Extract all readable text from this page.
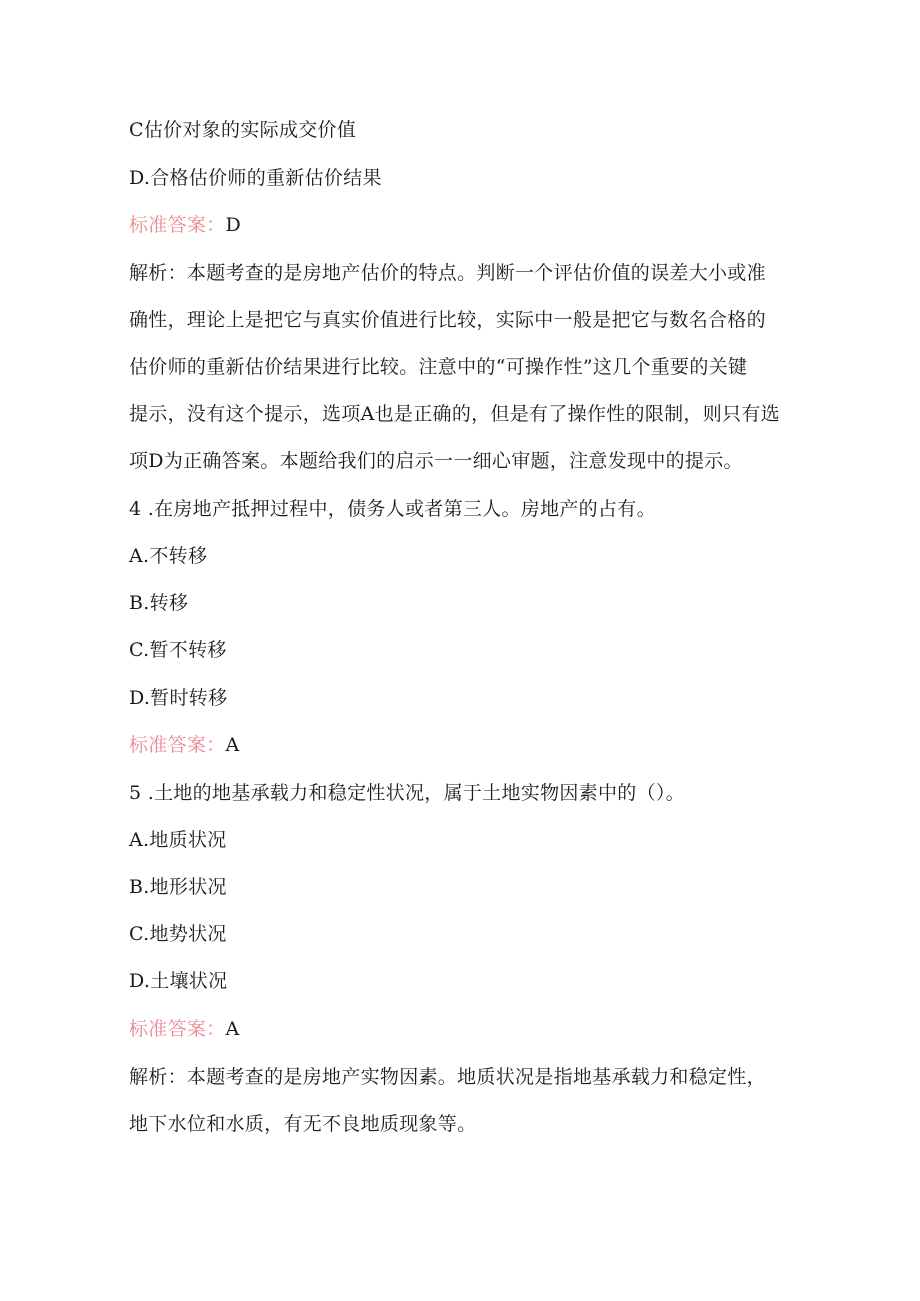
C估价对象的实际成交价值
D.合格估价师的重新估价结果
标准答案：D
解析：本题考查的是房地产估价的特点。判断一个评估价值的误差大小或准
确性，理论上是把它与真实价值进行比较，实际中一般是把它与数名合格的
估价师的重新估价结果进行比较。注意中的“可操作性”这几个重要的关键
提示，没有这个提示，选项A也是正确的，但是有了操作性的限制，则只有选
项D为正确答案。本题给我们的启示一一细心审题，注意发现中的提示。
4 .在房地产抵押过程中，债务人或者第三人。房地产的占有。
A.不转移
B.转移
C.暂不转移
D.暂时转移
标准答案：A
5 .土地的地基承载力和稳定性状况，属于土地实物因素中的（）。
A.地质状况
B.地形状况
C.地势状况
D.土壤状况
标准答案：A
解析：本题考查的是房地产实物因素。地质状况是指地基承载力和稳定性，
地下水位和水质，有无不良地质现象等。
